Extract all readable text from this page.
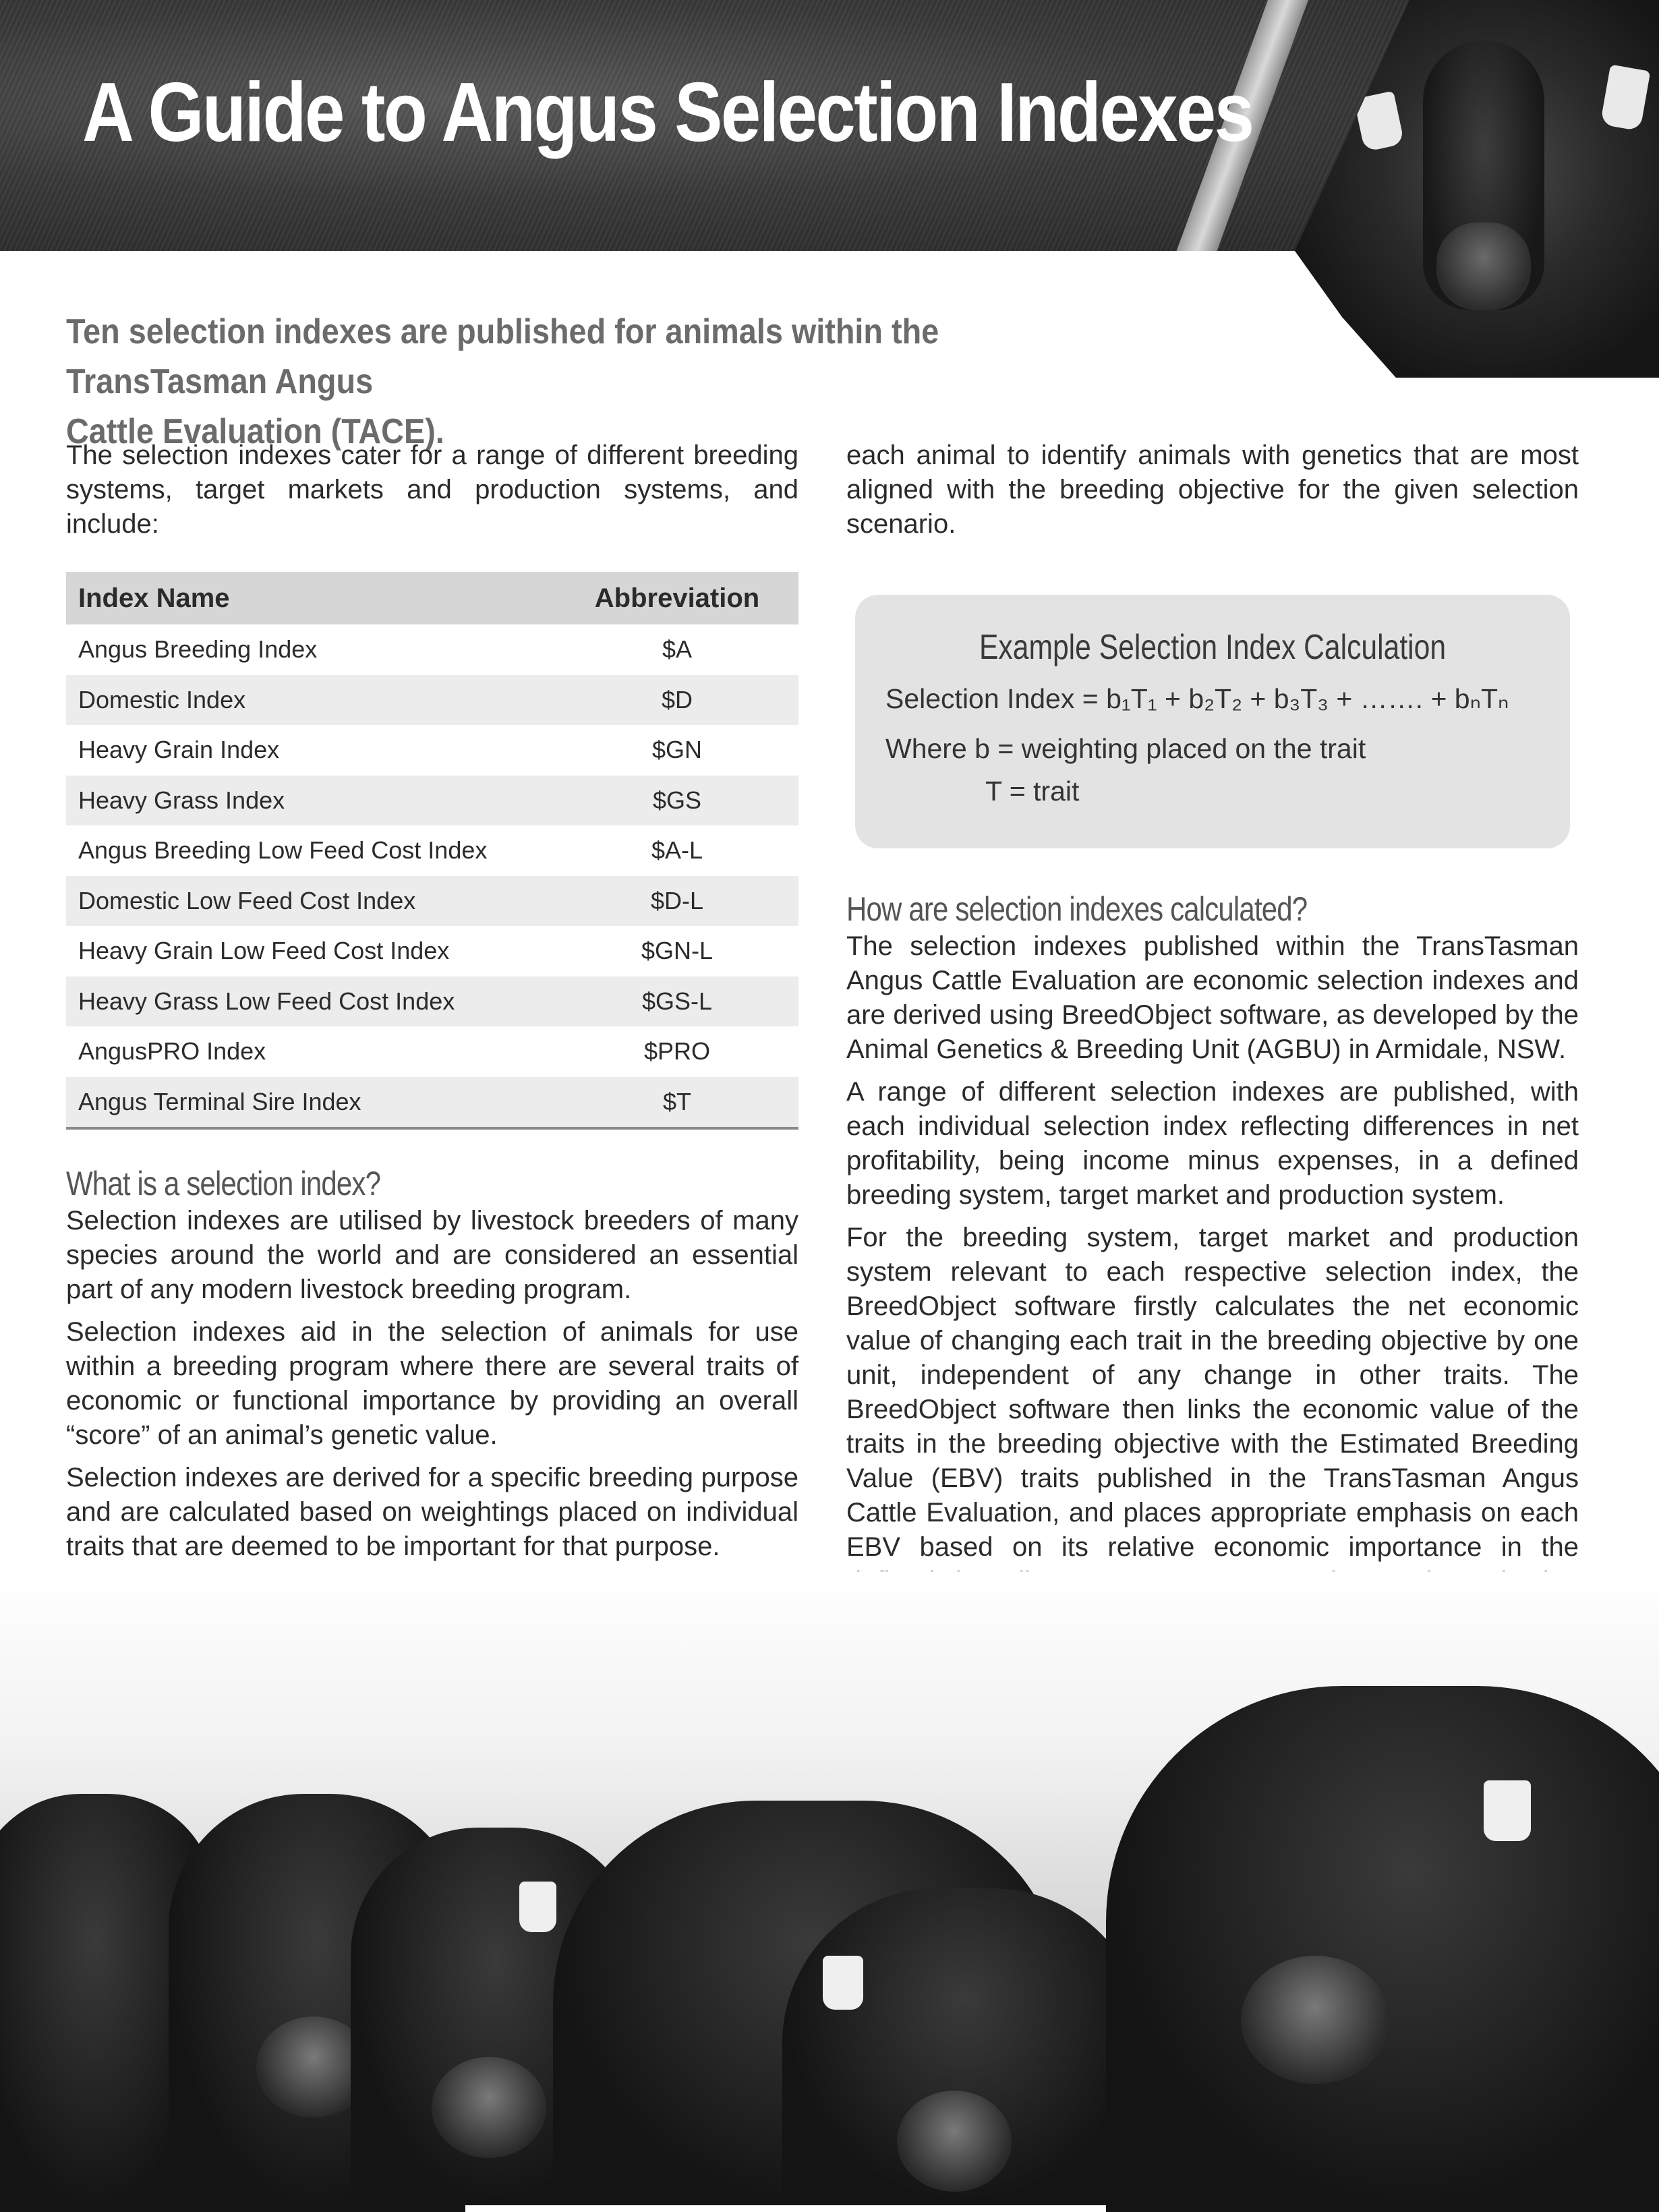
A Guide to Angus Selection Indexes

Ten selection indexes are published for animals within the TransTasman Angus
Cattle Evaluation (TACE).

The selection indexes cater for a range of different breeding systems, target markets and production systems, and include:

Index Name	Abbreviation
Angus Breeding Index	$A
Domestic Index	$D
Heavy Grain Index	$GN
Heavy Grass Index	$GS
Angus Breeding Low Feed Cost Index	$A-L
Domestic Low Feed Cost Index	$D-L
Heavy Grain Low Feed Cost Index	$GN-L
Heavy Grass Low Feed Cost Index	$GS-L
AngusPRO Index	$PRO
Angus Terminal Sire Index	$T
What is a selection index?

Selection indexes are utilised by livestock breeders of many species around the world and are considered an essential part of any modern livestock breeding program.

Selection indexes aid in the selection of animals for use within a breeding program where there are several traits of economic or functional importance by providing an overall “score” of an animal’s genetic value.

Selection indexes are derived for a specific breeding purpose and are calculated based on weightings placed on individual traits that are deemed to be important for that purpose.

each animal to identify animals with genetics that are most aligned with the breeding objective for the given selection scenario.

Example Selection Index Calculation

Selection Index = b₁T₁ + b₂T₂ + b₃T₃ + ……. + bₙTₙ

Where b = weighting placed on the trait

T = trait

How are selection indexes calculated?

The selection indexes published within the TransTasman Angus Cattle Evaluation are economic selection indexes and are derived using BreedObject software, as developed by the Animal Genetics & Breeding Unit (AGBU) in Armidale, NSW.

A range of different selection indexes are published, with each individual selection index reflecting differences in net profitability, being income minus expenses, in a defined breeding system, target market and production system.

For the breeding system, target market and production system relevant to each respective selection index, the BreedObject software firstly calculates the net economic value of changing each trait in the breeding objective by one unit, independent of any change in other traits. The BreedObject software then links the economic value of the traits in the breeding objective with the Estimated Breeding Value (EBV) traits published in the TransTasman Angus Cattle Evaluation, and places appropriate emphasis on each EBV based on its relative economic importance in the
